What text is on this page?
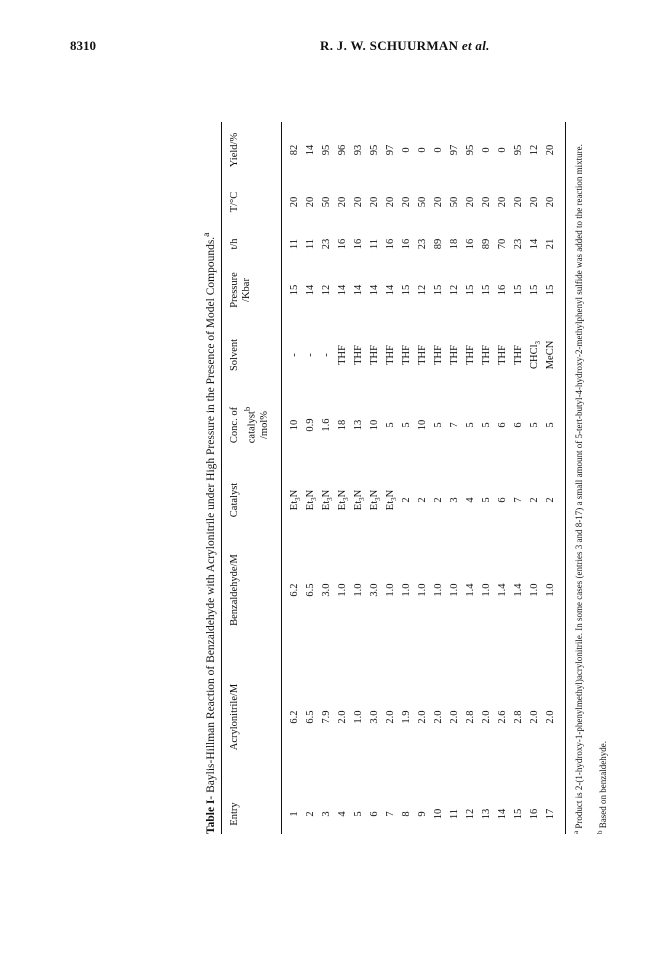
8310	R. J. W. SCHUURMAN et al.
Table I- Baylis-Hillman Reaction of Benzaldehyde with Acrylonitrile under High Pressure in the Presence of Model Compounds.$^a$
Entry
Acrylonitrile/M
Benzaldehyde/M
Catalyst
Conc. of catalyst$^b$
/mol%
Solvent
Pressure /Kbar
t/h
T/°C
Yield/%
1
6.2
6.2
$Et_3N$
10
-
15
11
20
82
2
6.5
6.5
$Et_3N$
0.9
-
14
11
20
14
3
7.9
3.0
$Et_3N$
1.6
-
12
23
50
95
4
2.0
1.0
$Et_3N$
18
THF
14
16
20
96
5
1.0
1.0
$Et_3N$
13
THF
14
16
20
93
6
3.0
3.0
$Et_3N$
10
THF
14
11
20
95
7
2.0
1.0
$Et_3N$
5
THF
14
16
20
97
8
1.9
1.0
2
5
THF
15
16
20
0
9
2.0
1.0
2
10
THF
12
23
50
0
10
2.0
1.0
2
5
THF
15
89
20
0
11
2.0
1.0
3
7
THF
12
18
50
97
12
2.8
1.4
4
5
THF
15
16
20
95
13
2.0
1.0
5
5
THF
15
89
20
0
14
2.6
1.4
6
6
THF
16
70
20
0
15
2.8
1.4
7
6
THF
15
23
20
95
16
2.0
1.0
2
5
CHCl$_3$
15
14
20
12
17
2.0
1.0
2
5
MeCN
15
21
20
20
$^a$ Product is 2-(1-hydroxy-1-phenylmethyl)acrylonitrile. In some cases (entries 3 and 8-17) a small amount of 5-tert-butyl-4-hydroxy-2-methylphenyl sulfide was added to the reaction mixture.
$^b$ Based on benzaldehyde.
